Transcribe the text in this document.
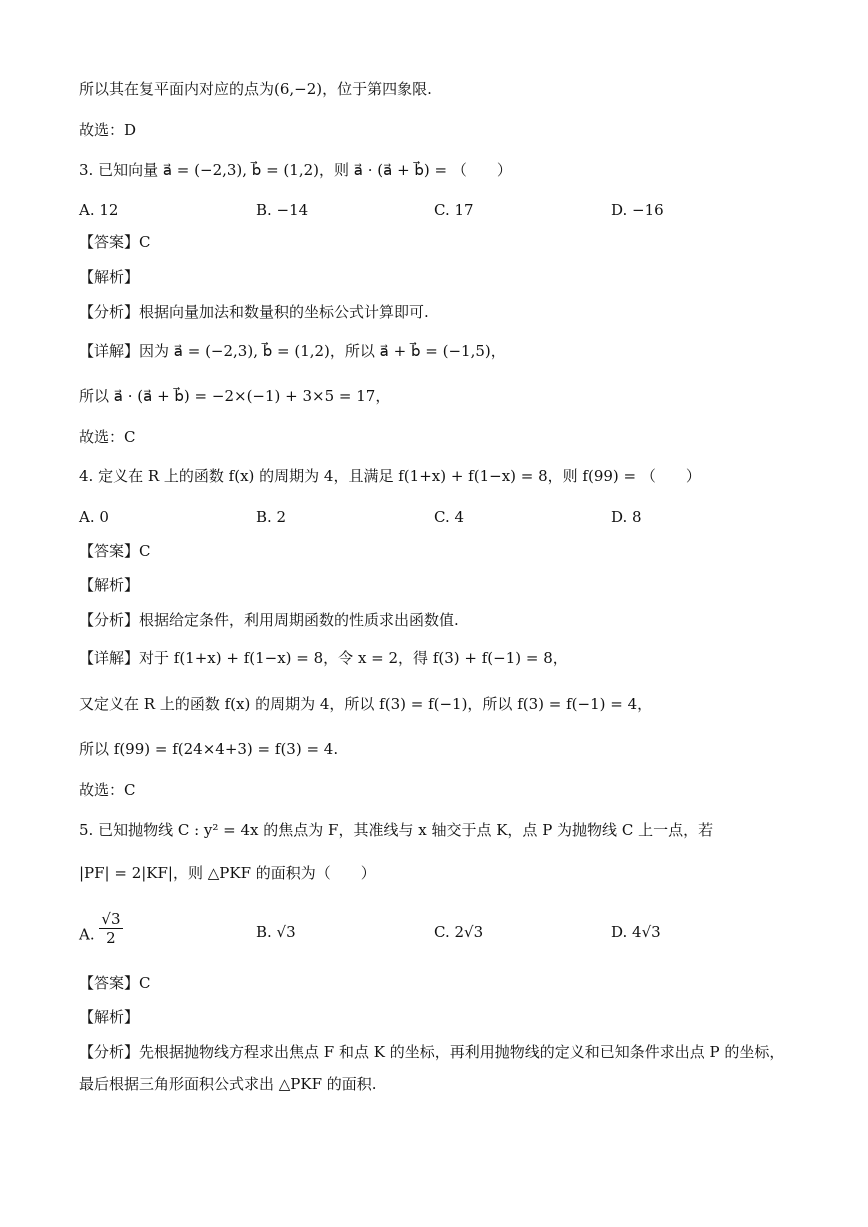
所以其在复平面内对应的点为(6,−2)，位于第四象限.
故选：D
3. 已知向量 a⃗ = (−2,3), b⃗ = (1,2)，则 a⃗ · (a⃗ + b⃗) = （　　）
A. 12	B. −14	C. 17	D. −16
【答案】C
【解析】
【分析】根据向量加法和数量积的坐标公式计算即可.
【详解】因为 a⃗ = (−2,3), b⃗ = (1,2)，所以 a⃗ + b⃗ = (−1,5)，
所以 a⃗ · (a⃗ + b⃗) = −2×(−1) + 3×5 = 17，
故选：C
4. 定义在 R 上的函数 f(x) 的周期为 4，且满足 f(1+x) + f(1−x) = 8，则 f(99) = （　　）
A. 0	B. 2	C. 4	D. 8
【答案】C
【解析】
【分析】根据给定条件，利用周期函数的性质求出函数值.
【详解】对于 f(1+x) + f(1−x) = 8，令 x = 2，得 f(3) + f(−1) = 8，
又定义在 R 上的函数 f(x) 的周期为 4，所以 f(3) = f(−1)，所以 f(3) = f(−1) = 4，
所以 f(99) = f(24×4+3) = f(3) = 4.
故选：C
5. 已知抛物线 C : y² = 4x 的焦点为 F，其准线与 x 轴交于点 K，点 P 为抛物线 C 上一点，若
|PF| = 2|KF|，则 △PKF 的面积为（　　）
A. $\frac{√3}{2}$	B. √3	C. 2√3	D. 4√3
【答案】C
【解析】
【分析】先根据抛物线方程求出焦点 F 和点 K 的坐标，再利用抛物线的定义和已知条件求出点 P 的坐标，
最后根据三角形面积公式求出 △PKF 的面积.
